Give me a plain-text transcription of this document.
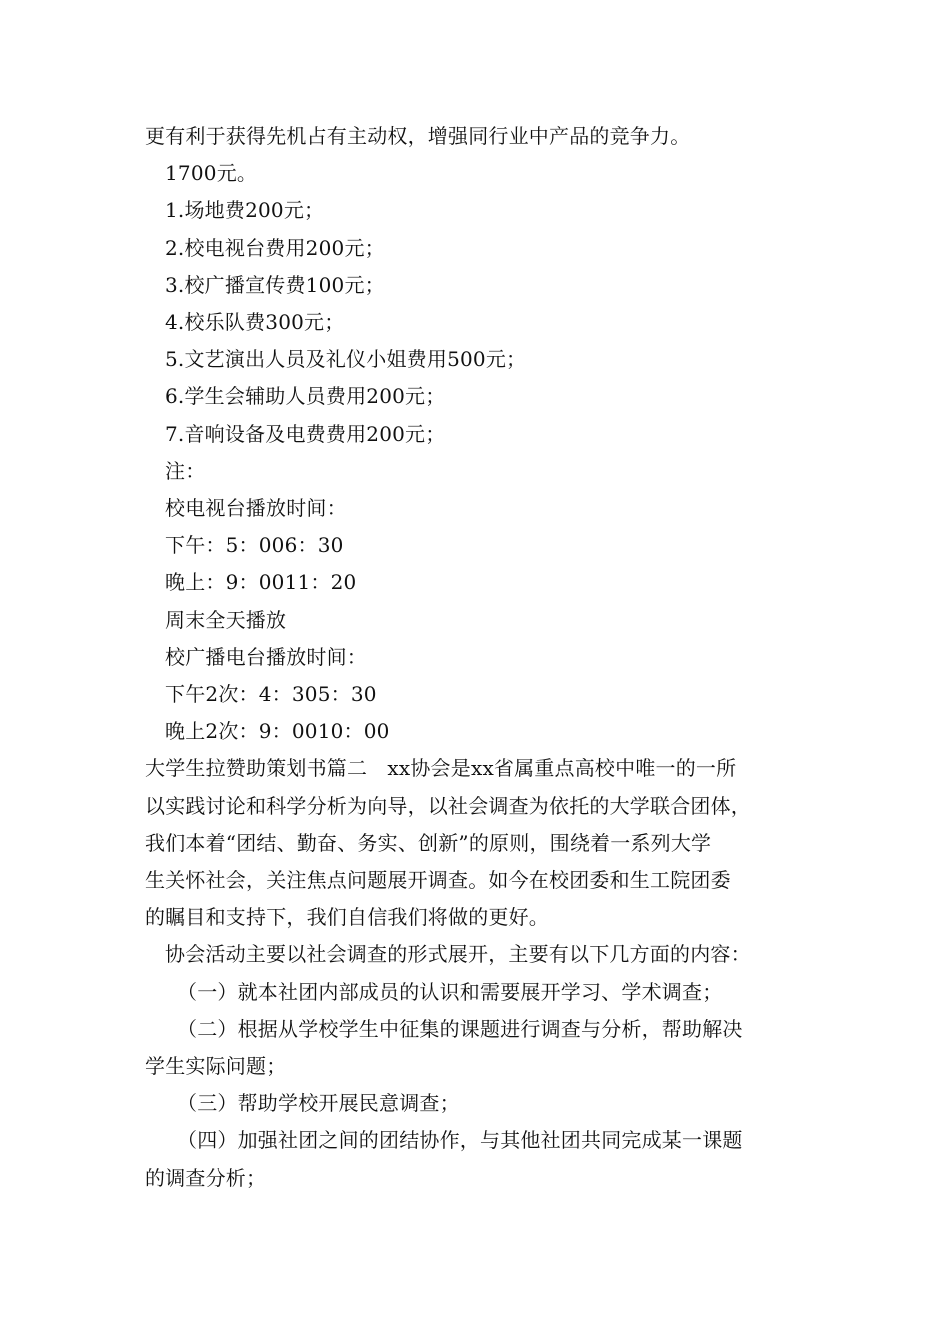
更有利于获得先机占有主动权，增强同行业中产品的竞争力。
1700元。
1.场地费200元；
2.校电视台费用200元；
3.校广播宣传费100元；
4.校乐队费300元；
5.文艺演出人员及礼仪小姐费用500元；
6.学生会辅助人员费用200元；
7.音响设备及电费费用200元；
注：
校电视台播放时间：
下午：5：006：30
晚上：9：0011：20
周末全天播放
校广播电台播放时间：
下午2次：4：305：30
晚上2次：9：0010：00
大学生拉赞助策划书篇二　xx协会是xx省属重点高校中唯一的一所
以实践讨论和科学分析为向导，以社会调查为依托的大学联合团体，
我们本着“团结、勤奋、务实、创新”的原则，围绕着一系列大学
生关怀社会，关注焦点问题展开调查。如今在校团委和生工院团委
的瞩目和支持下，我们自信我们将做的更好。
协会活动主要以社会调查的形式展开，主要有以下几方面的内容：
（一）就本社团内部成员的认识和需要展开学习、学术调查；
（二）根据从学校学生中征集的课题进行调查与分析，帮助解决
学生实际问题；
（三）帮助学校开展民意调查；
（四）加强社团之间的团结协作，与其他社团共同完成某一课题
的调查分析；
